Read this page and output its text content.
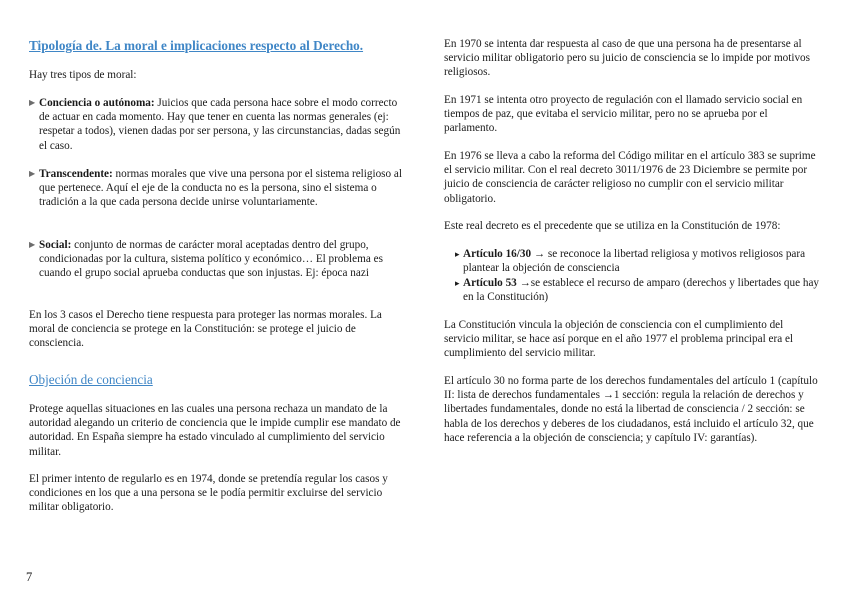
Tipología de. La moral e implicaciones respecto al Derecho.

Hay tres tipos de moral:

▶ Conciencia o autónoma: Juicios que cada persona hace sobre el modo correcto de actuar en cada momento. Hay que tener en cuenta las normas generales (ej: respetar a todos), vienen dadas por ser persona, y las circunstancias, dadas según el caso.
▶ Transcendente: normas morales que vive una persona por el sistema religioso al que pertenece. Aquí el eje de la conducta no es la persona, sino el sistema o tradición a la que cada persona decide unirse voluntariamente.
▶ Social: conjunto de normas de carácter moral aceptadas dentro del grupo, condicionadas por la cultura, sistema político y económico… El problema es cuando el grupo social aprueba conductas que son injustas. Ej: época nazi

En los 3 casos el Derecho tiene respuesta para proteger las normas morales. La moral de conciencia se protege en la Constitución: se protege el juicio de consciencia.

Objeción de conciencia

Protege aquellas situaciones en las cuales una persona rechaza un mandato de la autoridad alegando un criterio de conciencia que le impide cumplir ese mandato de autoridad. En España siempre ha estado vinculado al cumplimiento del servicio militar.

El primer intento de regularlo es en 1974, donde se pretendía regular los casos y condiciones en los que a una persona se le podía permitir excluirse del servicio militar obligatorio.

En 1970 se intenta dar respuesta al caso de que una persona ha de presentarse al servicio militar obligatorio pero su juicio de consciencia se lo impide por motivos religiosos.

En 1971 se intenta otro proyecto de regulación con el llamado servicio social en tiempos de paz, que evitaba el servicio militar, pero no se aprueba por el parlamento.

En 1976 se lleva a cabo la reforma del Código militar en el artículo 383 se suprime el servicio militar. Con el real decreto 3011/1976 de 23 Diciembre se permite por juicio de consciencia de carácter religioso no cumplir con el servicio militar obligatorio.

Este real decreto es el precedente que se utiliza en la Constitución de 1978:

▸ Artículo 16/30 → se reconoce la libertad religiosa y motivos religiosos para plantear la objeción de consciencia
▸ Artículo 53 →se establece el recurso de amparo (derechos y libertades que hay en la Constitución)

La Constitución vincula la objeción de consciencia con el cumplimiento del servicio militar, se hace así porque en el año 1977 el problema principal era el cumplimiento del servicio militar.

El artículo 30 no forma parte de los derechos fundamentales del artículo 1 (capítulo II: lista de derechos fundamentales →1 sección: regula la relación de derechos y libertades fundamentales, donde no está la libertad de consciencia / 2 sección: se habla de los derechos y deberes de los ciudadanos, está incluido el artículo 32, que hace referencia a la objeción de consciencia; y capítulo IV: garantías).

7
